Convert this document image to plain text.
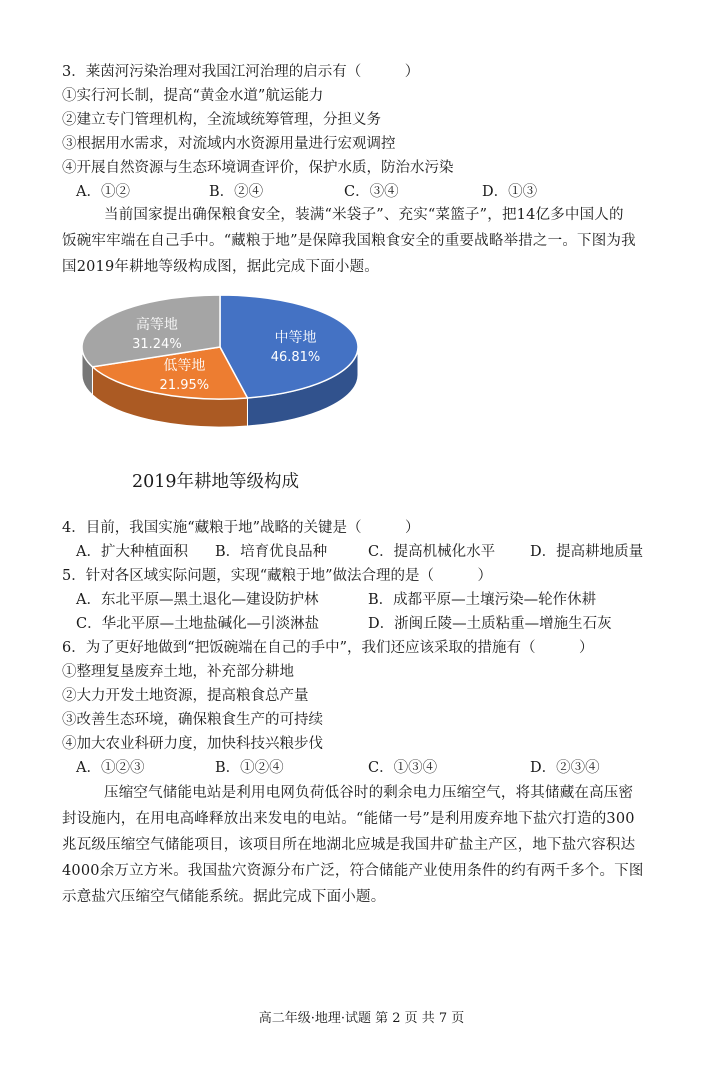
3．莱茵河污染治理对我国江河治理的启示有（　　　）
①实行河长制，提高“黄金水道”航运能力
②建立专门管理机构，全流域统筹管理，分担义务
③根据用水需求，对流域内水资源用量进行宏观调控
④开展自然资源与生态环境调查评价，保护水质，防治水污染
A．①②	B．②④	C．③④	D．①③
当前国家提出确保粮食安全，装满“米袋子”、充实“菜篮子”，把14亿多中国人的
饭碗牢牢端在自己手中。“藏粮于地”是保障我国粮食安全的重要战略举措之一。下图为我
国2019年耕地等级构成图，据此完成下面小题。
中等地
46.81%
低等地
21.95%
高等地
31.24%
2019年耕地等级构成
4．目前，我国实施“藏粮于地”战略的关键是（　　　）
A．扩大种植面积 B．培育优良品种	C．提高机械化水平 D．提高耕地质量
5．针对各区域实际问题，实现“藏粮于地”做法合理的是（　　　）
A．东北平原—黑土退化—建设防护林	B．成都平原—土壤污染—轮作休耕
C．华北平原—土地盐碱化—引淡淋盐	D．浙闽丘陵—土质粘重—增施生石灰
6．为了更好地做到“把饭碗端在自己的手中”，我们还应该采取的措施有（　　　）
①整理复垦废弃土地，补充部分耕地
②大力开发土地资源，提高粮食总产量
③改善生态环境，确保粮食生产的可持续
④加大农业科研力度，加快科技兴粮步伐
A．①②③	B．①②④	C．①③④	D．②③④
压缩空气储能电站是利用电网负荷低谷时的剩余电力压缩空气，将其储藏在高压密
封设施内，在用电高峰释放出来发电的电站。“能储一号”是利用废弃地下盐穴打造的300
兆瓦级压缩空气储能项目，该项目所在地湖北应城是我国井矿盐主产区，地下盐穴容积达
4000余万立方米。我国盐穴资源分布广泛，符合储能产业使用条件的约有两千多个。下图
示意盐穴压缩空气储能系统。据此完成下面小题。
高二年级·地理·试题 第 2 页 共 7 页
